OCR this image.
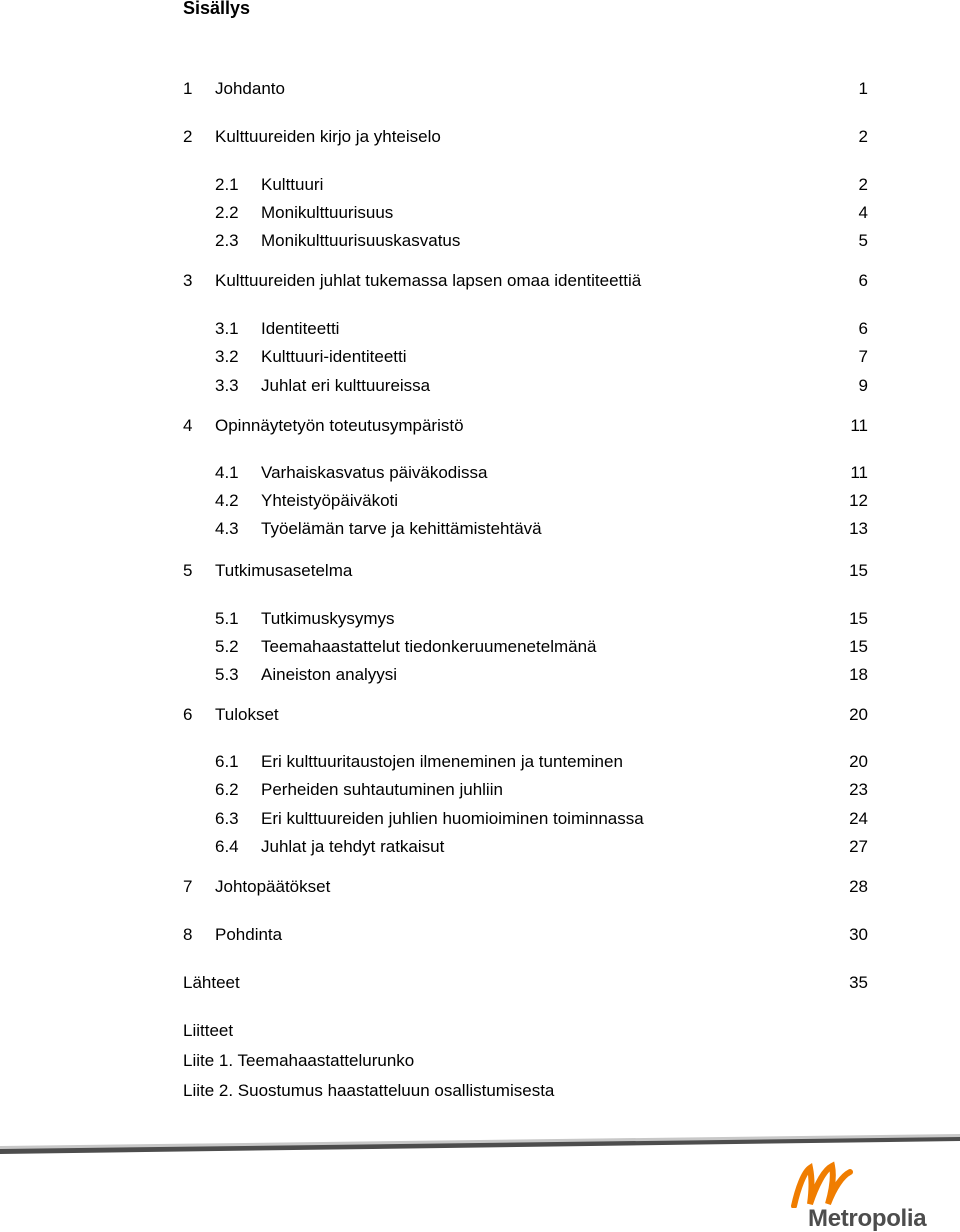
Sisällys
1 Johdanto	1
2 Kulttuureiden kirjo ja yhteiselo	2
2.1 Kulttuuri	2
2.2 Monikulttuurisuus	4
2.3 Monikulttuurisuuskasvatus	5
3 Kulttuureiden juhlat tukemassa lapsen omaa identiteettiä	6
3.1 Identiteetti	6
3.2 Kulttuuri-identiteetti	7
3.3 Juhlat eri kulttuureissa	9
4 Opinnäytetyön toteutusympäristö	11
4.1 Varhaiskasvatus päiväkodissa	11
4.2 Yhteistyöpäiväkoti	12
4.3 Työelämän tarve ja kehittämistehtävä	13
5 Tutkimusasetelma	15
5.1 Tutkimuskysymys	15
5.2 Teemahaastattelut tiedonkeruumenetelmänä	15
5.3 Aineiston analyysi	18
6 Tulokset	20
6.1 Eri kulttuuritaustojen ilmeneminen ja tunteminen	20
6.2 Perheiden suhtautuminen juhliin	23
6.3 Eri kulttuureiden juhlien huomioiminen toiminnassa	24
6.4 Juhlat ja tehdyt ratkaisut	27
7 Johtopäätökset	28
8 Pohdinta	30
Lähteet	35
Liitteet
Liite 1. Teemahaastattelurunko
Liite 2. Suostumus haastatteluun osallistumisesta
Metropolia
